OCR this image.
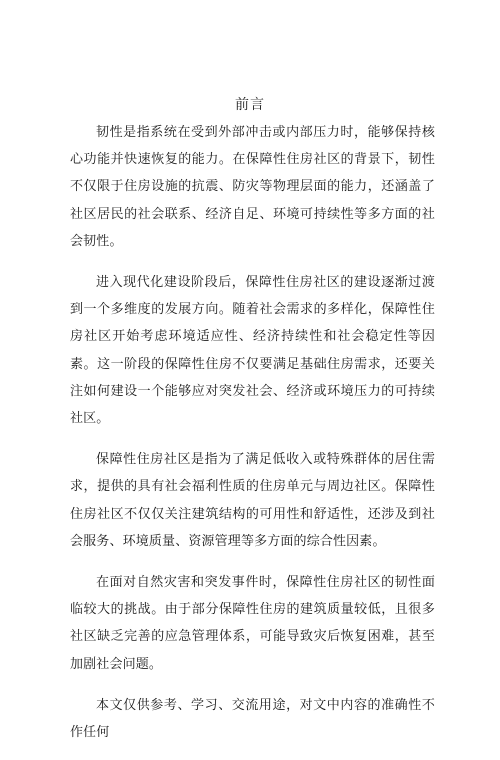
前言

韧性是指系统在受到外部冲击或内部压力时，能够保持核心功能并快速恢复的能力。在保障性住房社区的背景下，韧性不仅限于住房设施的抗震、防灾等物理层面的能力，还涵盖了社区居民的社会联系、经济自足、环境可持续性等多方面的社会韧性。

进入现代化建设阶段后，保障性住房社区的建设逐渐过渡到一个多维度的发展方向。随着社会需求的多样化，保障性住房社区开始考虑环境适应性、经济持续性和社会稳定性等因素。这一阶段的保障性住房不仅要满足基础住房需求，还要关注如何建设一个能够应对突发社会、经济或环境压力的可持续社区。

保障性住房社区是指为了满足低收入或特殊群体的居住需求，提供的具有社会福利性质的住房单元与周边社区。保障性住房社区不仅仅关注建筑结构的可用性和舒适性，还涉及到社会服务、环境质量、资源管理等多方面的综合性因素。

在面对自然灾害和突发事件时，保障性住房社区的韧性面临较大的挑战。由于部分保障性住房的建筑质量较低，且很多社区缺乏完善的应急管理体系，可能导致灾后恢复困难，甚至加剧社会问题。

本文仅供参考、学习、交流用途，对文中内容的准确性不作任何
